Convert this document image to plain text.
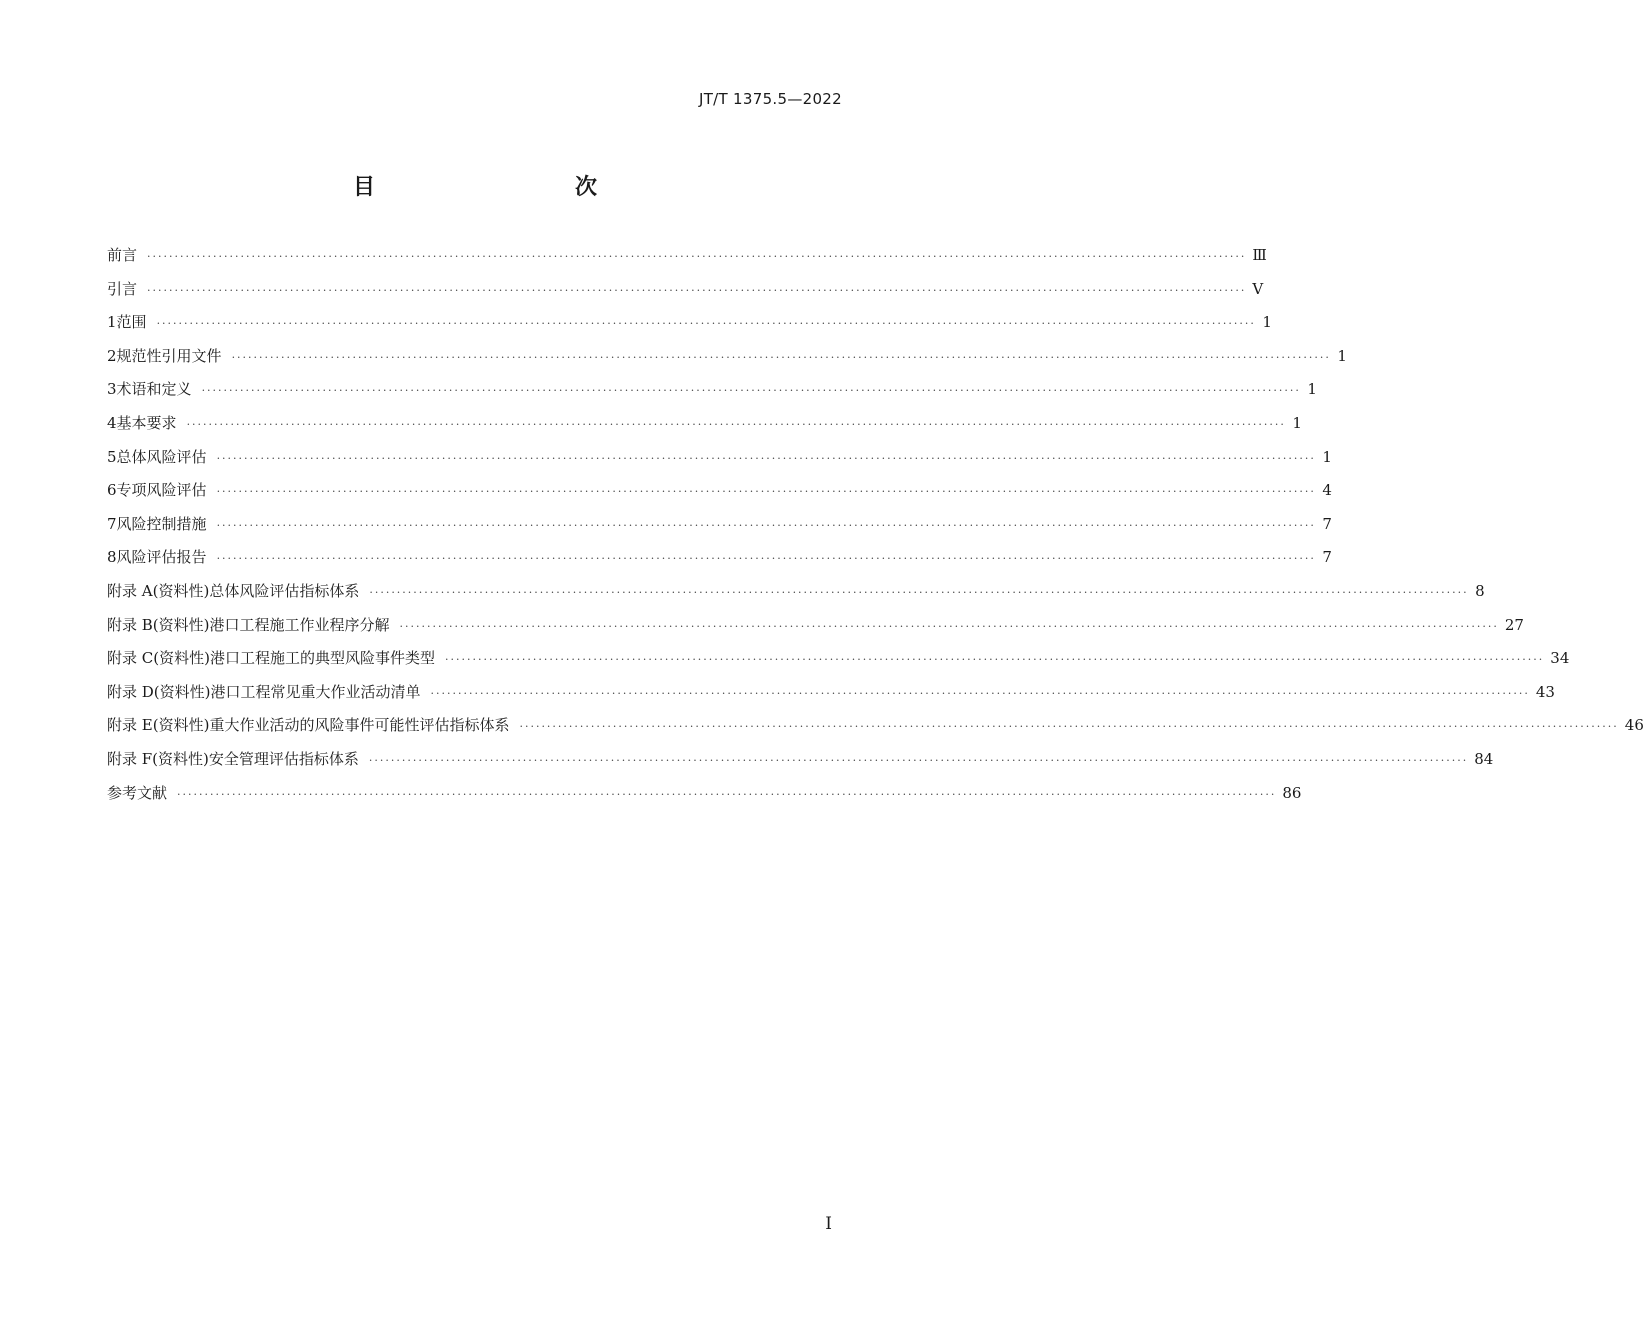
JT/T 1375.5—2022
目　　次
前言 ········································································································································································································ Ⅲ
引言 ········································································································································································································ Ⅴ
1 范围 ········································································································································································································ 1
2 规范性引用文件 ········································································································································································································ 1
3 术语和定义 ········································································································································································································ 1
4 基本要求 ········································································································································································································ 1
5 总体风险评估 ········································································································································································································ 1
6 专项风险评估 ········································································································································································································ 4
7 风险控制措施 ········································································································································································································ 7
8 风险评估报告 ········································································································································································································ 7
附录 A(资料性) 总体风险评估指标体系 ········································································································································································································ 8
附录 B(资料性) 港口工程施工作业程序分解 ········································································································································································································ 27
附录 C(资料性) 港口工程施工的典型风险事件类型 ········································································································································································································ 34
附录 D(资料性) 港口工程常见重大作业活动清单 ········································································································································································································ 43
附录 E(资料性) 重大作业活动的风险事件可能性评估指标体系 ········································································································································································································ 46
附录 F(资料性) 安全管理评估指标体系 ········································································································································································································ 84
参考文献 ········································································································································································································ 86
Ⅰ
